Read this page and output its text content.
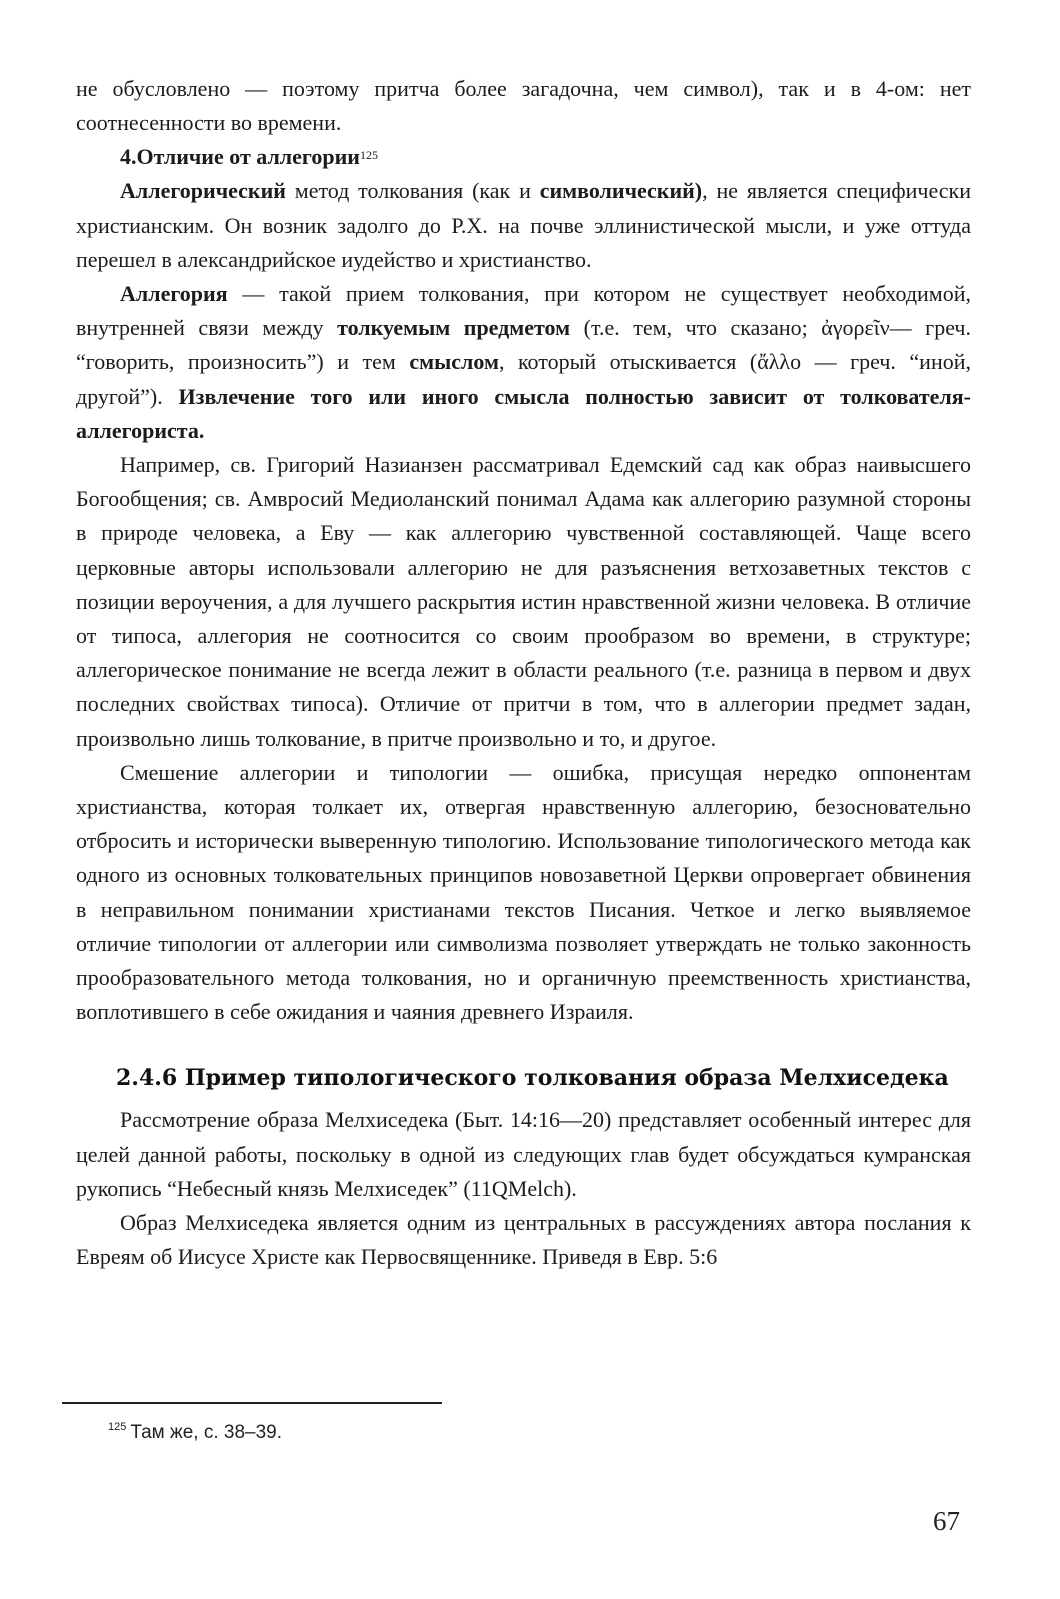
не обусловлено — поэтому притча более загадочна, чем символ), так и в 4-ом: нет соотнесенности во времени.

4.Отличие от аллегории$^{125}$

Аллегорический метод толкования (как и символический), не является специфически христианским. Он возник задолго до Р.Х. на почве эллинистической мысли, и уже оттуда перешел в александрийское иудейство и христианство.

Аллегория — такой прием толкования, при котором не существует необходимой, внутренней связи между толкуемым предметом (т.е. тем, что сказано; ἀγορεῖν— греч. “говорить, произносить”) и тем смыслом, который отыскивается (ἄλλο — греч. “иной, другой”). Извлечение того или иного смысла полностью зависит от толкователя-аллегориста.

Например, св. Григорий Назианзен рассматривал Едемский сад как образ наивысшего Богообщения; св. Амвросий Медиоланский понимал Адама как аллегорию разумной стороны в природе человека, а Еву — как аллегорию чувственной составляющей. Чаще всего церковные авторы использовали аллегорию не для разъяснения ветхозаветных текстов с позиции вероучения, а для лучшего раскрытия истин нравственной жизни человека. В отличие от типоса, аллегория не соотносится со своим прообразом во времени, в структуре; аллегорическое понимание не всегда лежит в области реального (т.е. разница в первом и двух последних свойствах типоса). Отличие от притчи в том, что в аллегории предмет задан, произвольно лишь толкование, в притче произвольно и то, и другое.

Смешение аллегории и типологии — ошибка, присущая нередко оппонентам христианства, которая толкает их, отвергая нравственную аллегорию, безосновательно отбросить и исторически выверенную типологию. Использование типологического метода как одного из основных толковательных принципов новозаветной Церкви опровергает обвинения в неправильном понимании христианами текстов Писания. Четкое и легко выявляемое отличие типологии от аллегории или символизма позволяет утверждать не только законность прообразовательного метода толкования, но и органичную преемственность христианства, воплотившего в себе ожидания и чаяния древнего Израиля.

2.4.6 Пример типологического толкования образа Мелхиседека

Рассмотрение образа Мелхиседека (Быт. 14:16—20) представляет особенный интерес для целей данной работы, поскольку в одной из следующих глав будет обсуждаться кумранская рукопись “Небесный князь Мелхиседек” (11QMelch).

Образ Мелхиседека является одним из центральных в рассуждениях автора послания к Евреям об Иисусе Христе как Первосвященнике. Приведя в Евр. 5:6

$^{125}$ Там же, с. 38–39.
67
